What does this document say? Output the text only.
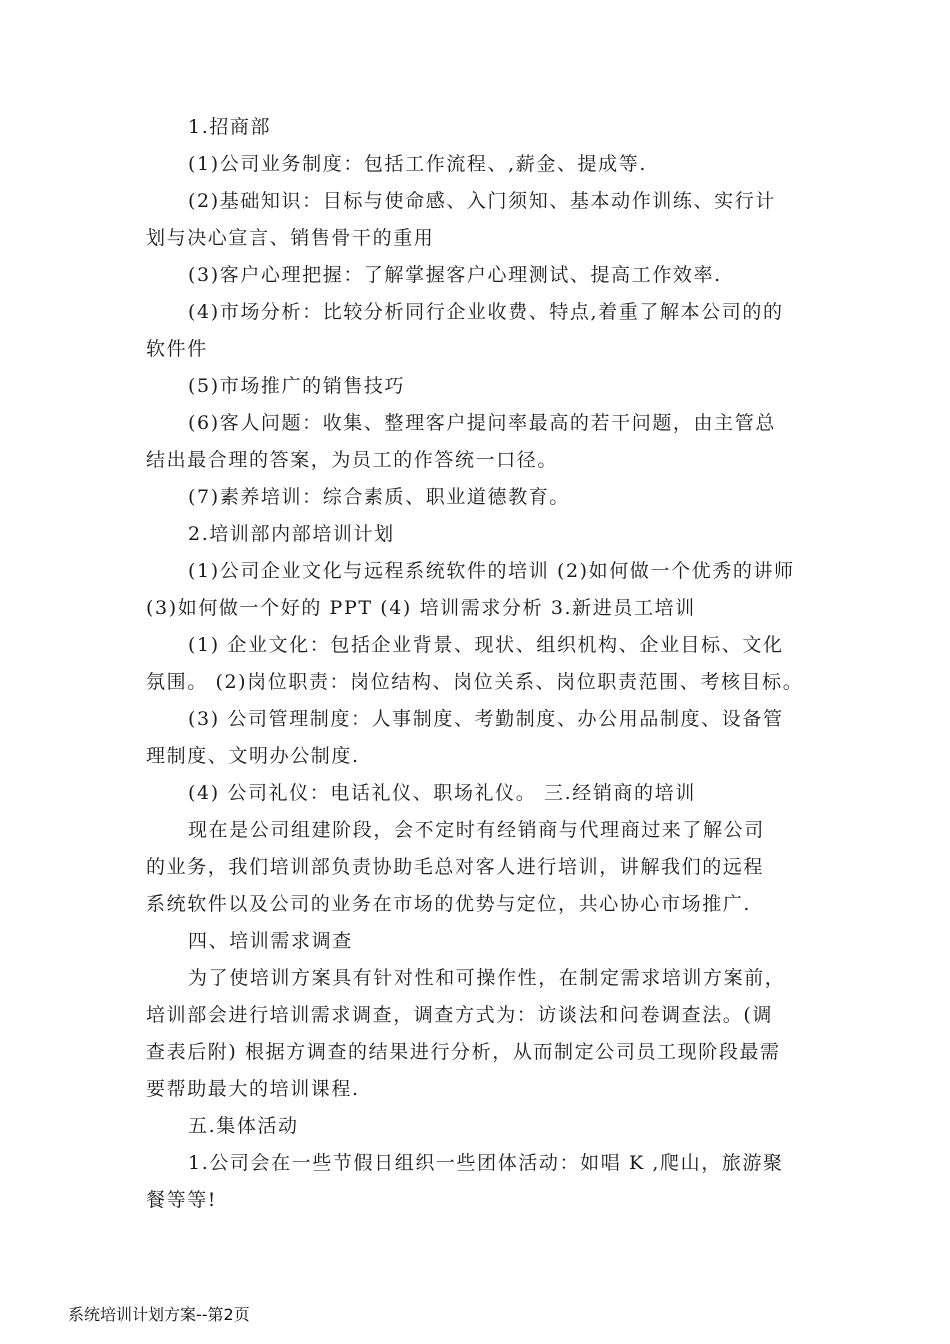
1.招商部
(1)公司业务制度：包括工作流程、,薪金、提成等.
(2)基础知识：目标与使命感、入门须知、基本动作训练、实行计
划与决心宣言、销售骨干的重用
(3)客户心理把握：了解掌握客户心理测试、提高工作效率.
(4)市场分析：比较分析同行企业收费、特点,着重了解本公司的的
软件件
(5)市场推广的销售技巧
(6)客人问题：收集、整理客户提问率最高的若干问题，由主管总
结出最合理的答案，为员工的作答统一口径。
(7)素养培训：综合素质、职业道德教育。
2.培训部内部培训计划
(1)公司企业文化与远程系统软件的培训 (2)如何做一个优秀的讲师
(3)如何做一个好的 PPT (4) 培训需求分析 3.新进员工培训
(1) 企业文化：包括企业背景、现状、组织机构、企业目标、文化
氛围。 (2)岗位职责：岗位结构、岗位关系、岗位职责范围、考核目标。
(3) 公司管理制度：人事制度、考勤制度、办公用品制度、设备管
理制度、文明办公制度.
(4) 公司礼仪：电话礼仪、职场礼仪。 三.经销商的培训
现在是公司组建阶段，会不定时有经销商与代理商过来了解公司
的业务，我们培训部负责协助毛总对客人进行培训，讲解我们的远程
系统软件以及公司的业务在市场的优势与定位，共心协心市场推广.
四、培训需求调查
为了使培训方案具有针对性和可操作性，在制定需求培训方案前，
培训部会进行培训需求调查，调查方式为：访谈法和问卷调查法。(调
查表后附) 根据方调查的结果进行分析，从而制定公司员工现阶段最需
要帮助最大的培训课程.
五.集体活动
1.公司会在一些节假日组织一些团体活动：如唱 K ,爬山，旅游聚
餐等等!
系统培训计划方案--第2页
